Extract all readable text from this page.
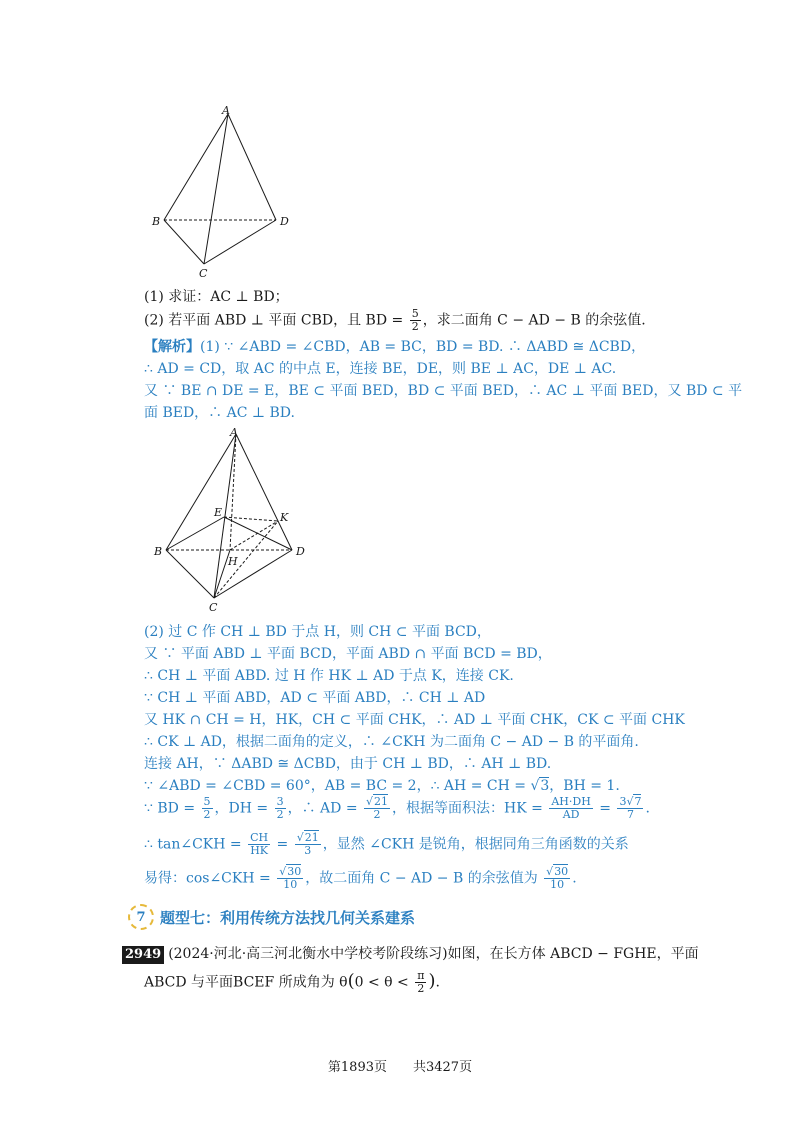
A
B	D
C
(1) 求证：AC ⊥ BD；
(2) 若平面 ABD ⊥ 平面 CBD，且 BD = $\frac{5}{2}$ ，求二面角 C − AD − B 的余弦值.
【解析】(1) ∵ ∠ABD = ∠CBD，AB = BC，BD = BD. ∴ ΔABD ≅ ΔCBD，
∴ AD = CD，取 AC 的中点 E，连接 BE，DE，则 BE ⊥ AC，DE ⊥ AC.
又 ∵ BE ∩ DE = E，BE ⊂ 平面 BED，BD ⊂ 平面 BED，∴ AC ⊥ 平面 BED，又 BD ⊂ 平
面 BED，∴ AC ⊥ BD.
A
B	D
C
E	K
H
(2) 过 C 作 CH ⊥ BD 于点 H，则 CH ⊂ 平面 BCD，
又 ∵ 平面 ABD ⊥ 平面 BCD，平面 ABD ∩ 平面 BCD = BD，
∴ CH ⊥ 平面 ABD. 过 H 作 HK ⊥ AD 于点 K，连接 CK.
∵ CH ⊥ 平面 ABD，AD ⊂ 平面 ABD，∴ CH ⊥ AD
又 HK ∩ CH = H，HK，CH ⊂ 平面 CHK，∴ AD ⊥ 平面 CHK，CK ⊂ 平面 CHK
∴ CK ⊥ AD，根据二面角的定义，∴ ∠CKH 为二面角 C − AD − B 的平面角.
连接 AH，∵ ΔABD ≅ ΔCBD，由于 CH ⊥ BD，∴ AH ⊥ BD.
∵ ∠ABD = ∠CBD = 60°，AB = BC = 2，∴ AH = CH = √3，BH = 1.
∵ BD = $\frac{5}{2}$ ，DH = $\frac{3}{2}$ ，∴ AD = $\frac{√21}{2}$ ，根据等面积法：HK = $\frac{AH\cdot DH}{AD} = \frac{3√7}{7}$ .
∴ tan∠CKH = $\frac{CH}{HK} = \frac{√21}{3}$ ，显然 ∠CKH 是锐角，根据同角三角函数的关系
易得：cos∠CKH = $\frac{√30}{10}$ ，故二面角 C − AD − B 的余弦值为 $\frac{√30}{10}$ .
7 题型七：利用传统方法找几何关系建系
2949 (2024·河北·高三河北衡水中学校考阶段练习)如图，在长方体 ABCD − FGHE，平面
ABCD 与平面BCEF 所成角为 $\theta(0 < \theta < \frac{\pi}{2}$ ).
第1893页　　共3427页
